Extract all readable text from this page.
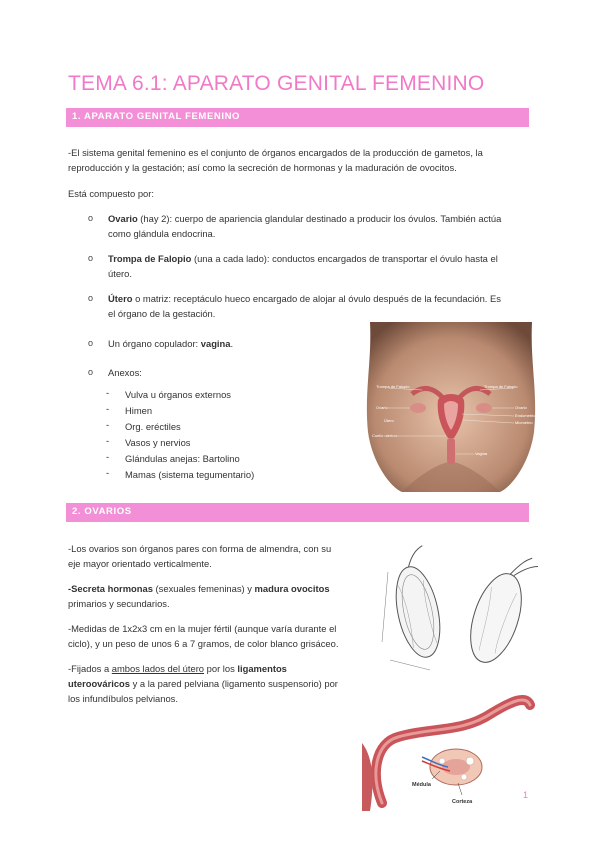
TEMA 6.1: APARATO GENITAL FEMENINO
1. APARATO GENITAL FEMENINO
-El sistema genital femenino es el conjunto de órganos encargados de la producción de gametos, la
reproducción y la gestación; así como la secreción de hormonas y la maduración de ovocitos.
Está compuesto por:
o Ovario (hay 2): cuerpo de apariencia glandular destinado a producir los óvulos. También actúa
como glándula endocrina.
o Trompa de Falopio (una a cada lado): conductos encargados de transportar el óvulo hasta el
útero.
o Útero o matriz: receptáculo hueco encargado de alojar al óvulo después de la fecundación. Es
el órgano de la gestación.
o Un órgano copulador: vagina.
o Anexos:
- Vulva u órganos externos
- Himen
- Org. eréctiles
- Vasos y nervios
- Glándulas anejas: Bartolino
- Mamas (sistema tegumentario)
Trompa de Falopio	Trompa de Falopio
Ovario	Ovario
Útero
Endometrio
Miometrio
Cuello uterino
Vagina
2. OVARIOS
-Los ovarios son órganos pares con forma de almendra, con su
eje mayor orientado verticalmente.
-Secreta hormonas (sexuales femeninas) y madura ovocitos
primarios y secundarios.
-Medidas de 1x2x3 cm en la mujer fértil (aunque varía durante el
ciclo), y un peso de unos 6 a 7 gramos, de color blanco grisáceo.
-Fijados a ambos lados del útero por los ligamentos
uteroováricos y a la pared pelviana (ligamento suspensorio) por
los infundíbulos pelvianos.
Médula
Corteza
1
